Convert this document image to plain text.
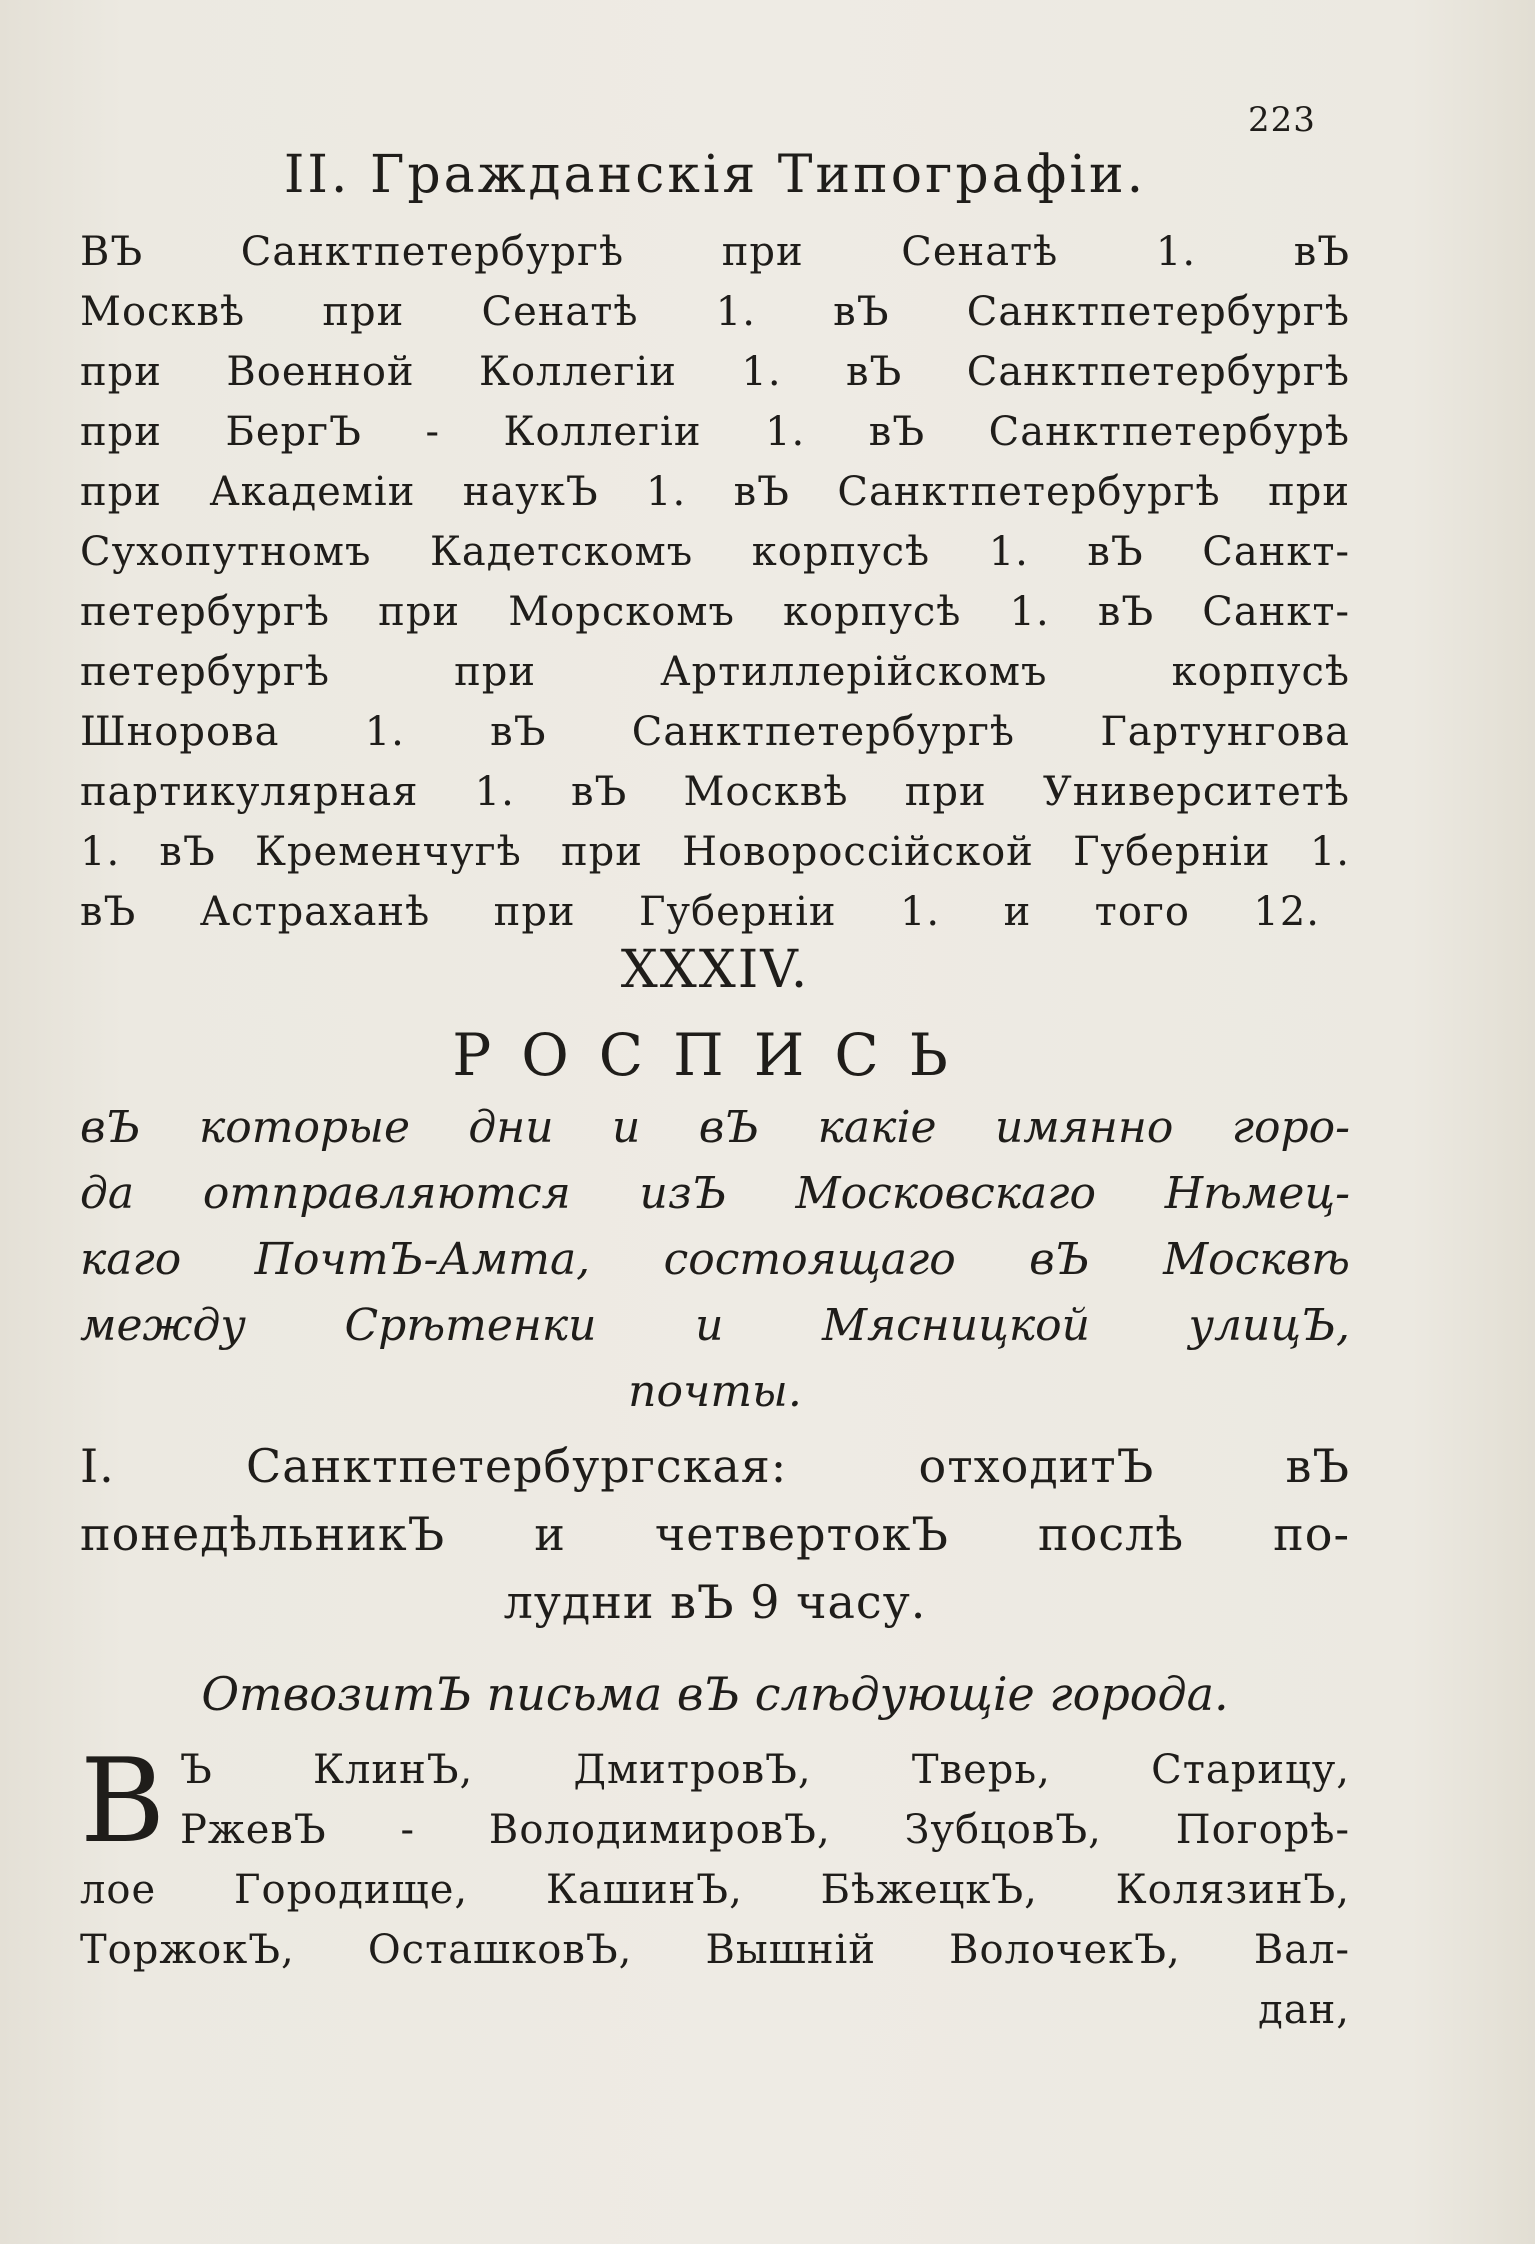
223
II. Гражданскія Типографіи.
ВЪ Санктпетербургѣ при Сенатѣ 1. вЪ
Москвѣ при Сенатѣ 1. вЪ Санктпетербургѣ
при Военной Коллегіи 1. вЪ Санктпетербургѣ
при БергЪ - Коллегіи 1. вЪ Санктпетербурѣ
при Академіи наукЪ 1. вЪ Санктпетербургѣ при
Сухопутномъ Кадетскомъ корпусѣ 1. вЪ Санкт-
петербургѣ при Морскомъ корпусѣ 1. вЪ Санкт-
петербургѣ при Артиллерійскомъ корпусѣ
Шнорова 1. вЪ Санктпетербургѣ Гартунгова
партикулярная 1. вЪ Москвѣ при Университетѣ
1. вЪ Кременчугѣ при Новороссійской Губерніи 1.
вЪ Астраханѣ при Губерніи 1. и того 12.
XXXIV.
РОСПИСЬ
вЪ которые дни и вЪ какіе имянно горо-
да отправляются изЪ Московскаго Нѣмец-
каго ПочтЪ-Амта, состоящаго вЪ Москвѣ
между Срѣтенки и Мясницкой улицЪ,
почты.
I. Санктпетербургская: отходитЪ вЪ
понедѣльникЪ и четвертокЪ послѣ по-
лудни вЪ 9 часу.
ОтвозитЪ письма вЪ слѣдующіе города.
В Ъ КлинЪ, ДмитровЪ, Тверь, Старицу,
РжевЪ - ВолодимировЪ, ЗубцовЪ, Погорѣ-
лое Городище, КашинЪ, БѣжецкЪ, КолязинЪ,
ТоржокЪ, ОсташковЪ, Вышній ВолочекЪ, Вал-
дан,
